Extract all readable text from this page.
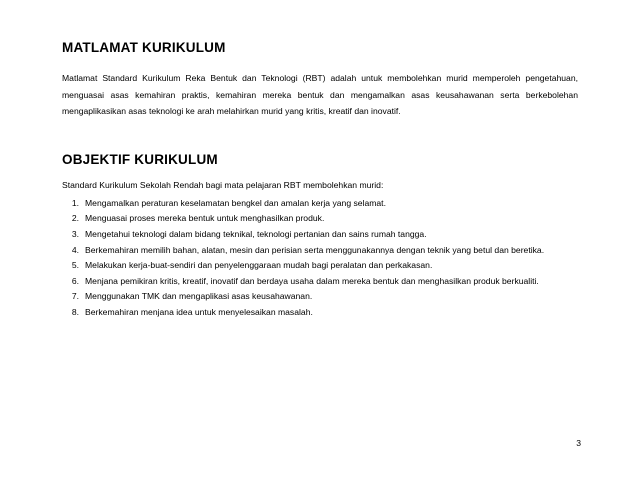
MATLAMAT KURIKULUM

Matlamat Standard Kurikulum Reka Bentuk dan Teknologi (RBT) adalah untuk membolehkan murid memperoleh pengetahuan, menguasai asas kemahiran praktis, kemahiran mereka bentuk dan mengamalkan asas keusahawanan serta berkebolehan mengaplikasikan asas teknologi ke arah melahirkan murid yang kritis, kreatif dan inovatif.

OBJEKTIF KURIKULUM

Standard Kurikulum Sekolah Rendah bagi mata pelajaran RBT membolehkan murid:

1 . Mengamalkan peraturan keselamatan bengkel dan amalan kerja yang selamat.
2 . Menguasai proses mereka bentuk untuk menghasilkan produk.
3 . Mengetahui teknologi dalam bidang teknikal, teknologi pertanian dan sains rumah tangga.
4 . Berkemahiran memilih bahan, alatan, mesin dan perisian serta menggunakannya dengan teknik yang betul dan beretika.
5 . Melakukan kerja-buat-sendiri dan penyelenggaraan mudah bagi peralatan dan perkakasan.
6 . Menjana pemikiran kritis, kreatif, inovatif dan berdaya usaha dalam mereka bentuk dan menghasilkan produk berkualiti.
7 . Menggunakan TMK dan mengaplikasi asas keusahawanan.
8 . Berkemahiran menjana idea untuk menyelesaikan masalah.

3
